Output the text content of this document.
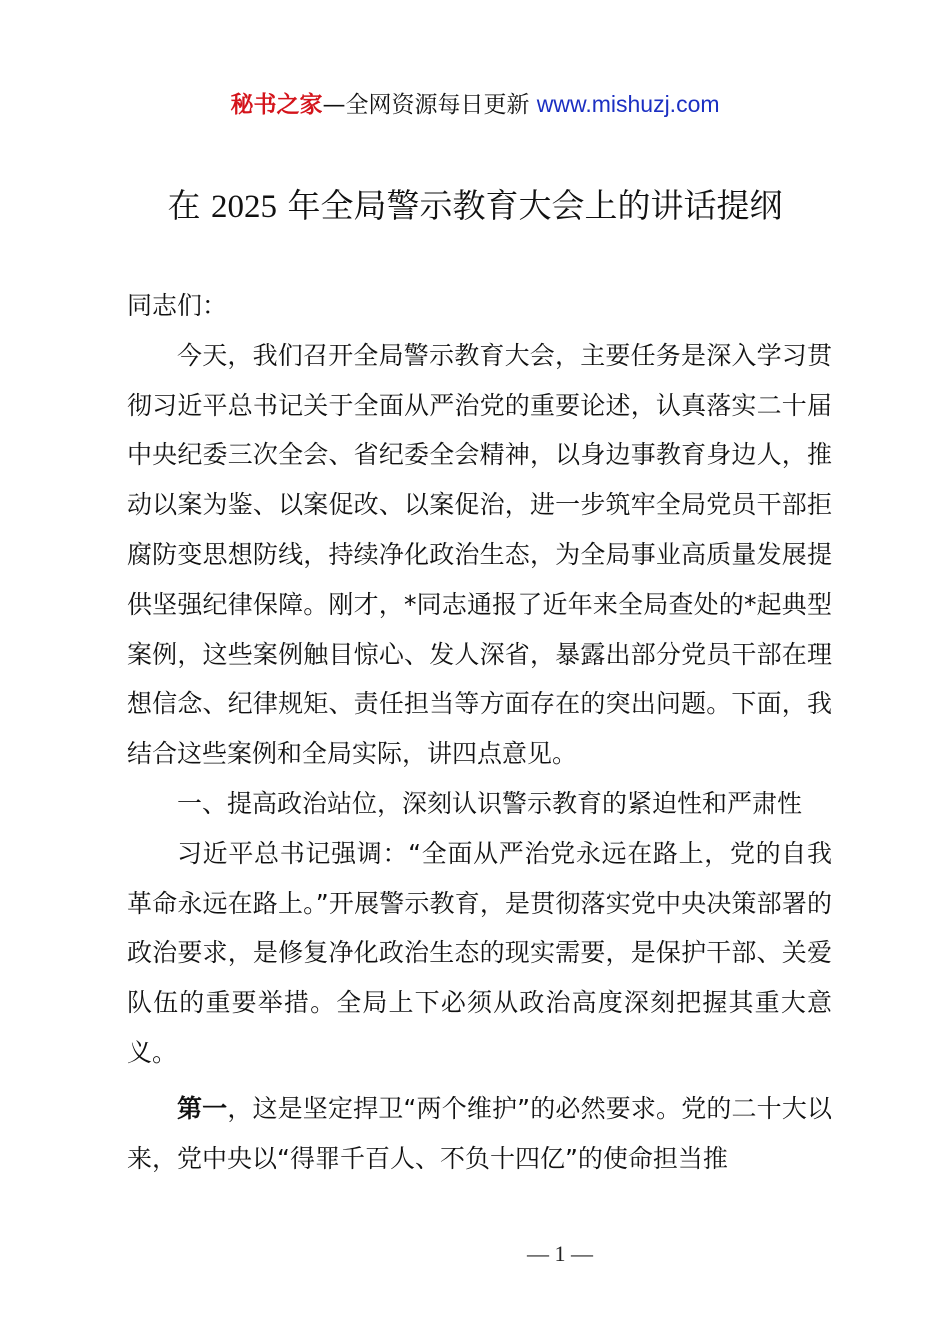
秘书之家—全网资源每日更新 www.mishuzj.com
在 2025 年全局警示教育大会上的讲话提纲

同志们：

今天，我们召开全局警示教育大会，主要任务是深入学习贯彻习近平总书记关于全面从严治党的重要论述，认真落实二十届中央纪委三次全会、省纪委全会精神，以身边事教育身边人，推动以案为鉴、以案促改、以案促治，进一步筑牢全局党员干部拒腐防变思想防线，持续净化政治生态，为全局事业高质量发展提供坚强纪律保障。刚才，*同志通报了近年来全局查处的*起典型案例，这些案例触目惊心、发人深省，暴露出部分党员干部在理想信念、纪律规矩、责任担当等方面存在的突出问题。下面，我结合这些案例和全局实际，讲四点意见。

一、提高政治站位，深刻认识警示教育的紧迫性和严肃性

习近平总书记强调：“全面从严治党永远在路上，党的自我革命永远在路上。”开展警示教育，是贯彻落实党中央决策部署的政治要求，是修复净化政治生态的现实需要，是保护干部、关爱队伍的重要举措。全局上下必须从政治高度深刻把握其重大意义。

第一，这是坚定捍卫“两个维护”的必然要求。党的二十大以来，党中央以“得罪千百人、不负十四亿”的使命担当推

— 1 —
